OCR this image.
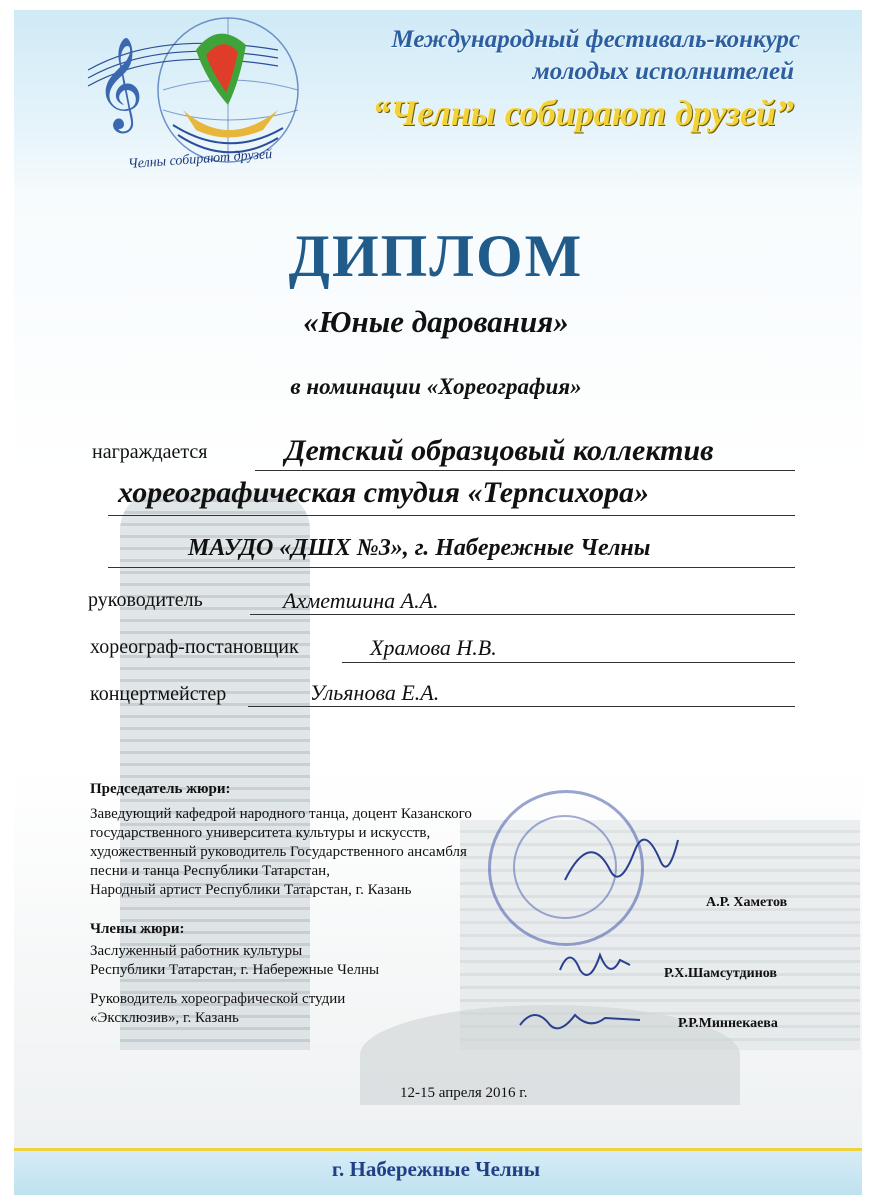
𝄞
Челны собирают друзей
Международный фестиваль-конкурс
молодых исполнителей
“Челны собирают друзей”
ДИПЛОМ
«Юные дарования»
в номинации «Хореография»
награждается	Детский образцовый коллектив
хореографическая студия «Терпсихора»
МАУДО «ДШХ №3», г. Набережные Челны
руководитель	Ахметшина А.А.
хореограф-постановщик	Храмова Н.В.
концертмейстер	Ульянова Е.А.
Председатель жюри:
Заведующий кафедрой народного танца, доцент Казанского
государственного университета культуры и искусств,
художественный руководитель Государственного ансамбля
песни и танца Республики Татарстан,
Народный артист Республики Татарстан, г. Казань
А.Р. Хаметов
Члены жюри:
Заслуженный работник культуры
Республики Татарстан, г. Набережные Челны	Р.Х.Шамсутдинов
Руководитель хореографической студии
«Эксклюзив», г. Казань	Р.Р.Миннекаева
12-15 апреля 2016 г.
г. Набережные Челны
